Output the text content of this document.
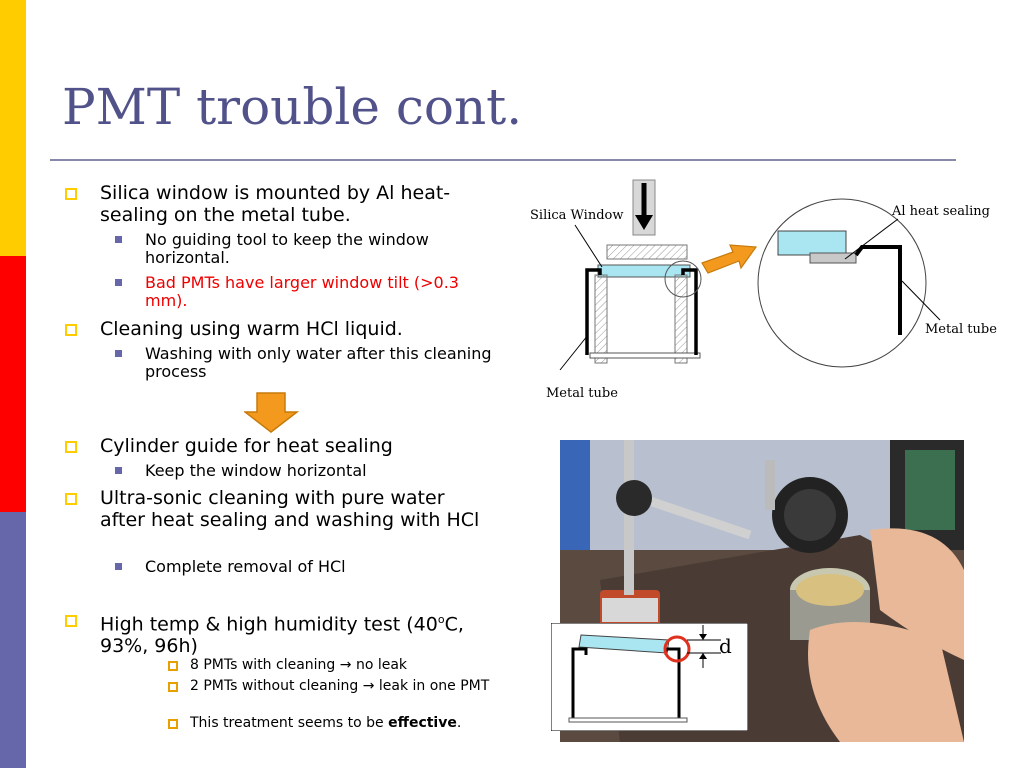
PMT trouble cont.
Silica window is mounted by Al heat-sealing on the metal tube.
No guiding tool to keep the window horizontal.
Bad PMTs have larger window tilt (>0.3 mm).
Cleaning using warm HCl liquid.
Washing with only water after this cleaning process
Cylinder guide for heat sealing
Keep the window horizontal
Ultra-sonic cleaning with pure water after heat sealing and washing with HCl
Complete removal of HCl
High temp & high humidity test (40$^o$C, 93%, 96h)
8 PMTs with cleaning → no leak
2 PMTs without cleaning → leak in one PMT
This treatment seems to be effective.
Silica Window
Metal tube
Al heat sealing
Metal tube
d
